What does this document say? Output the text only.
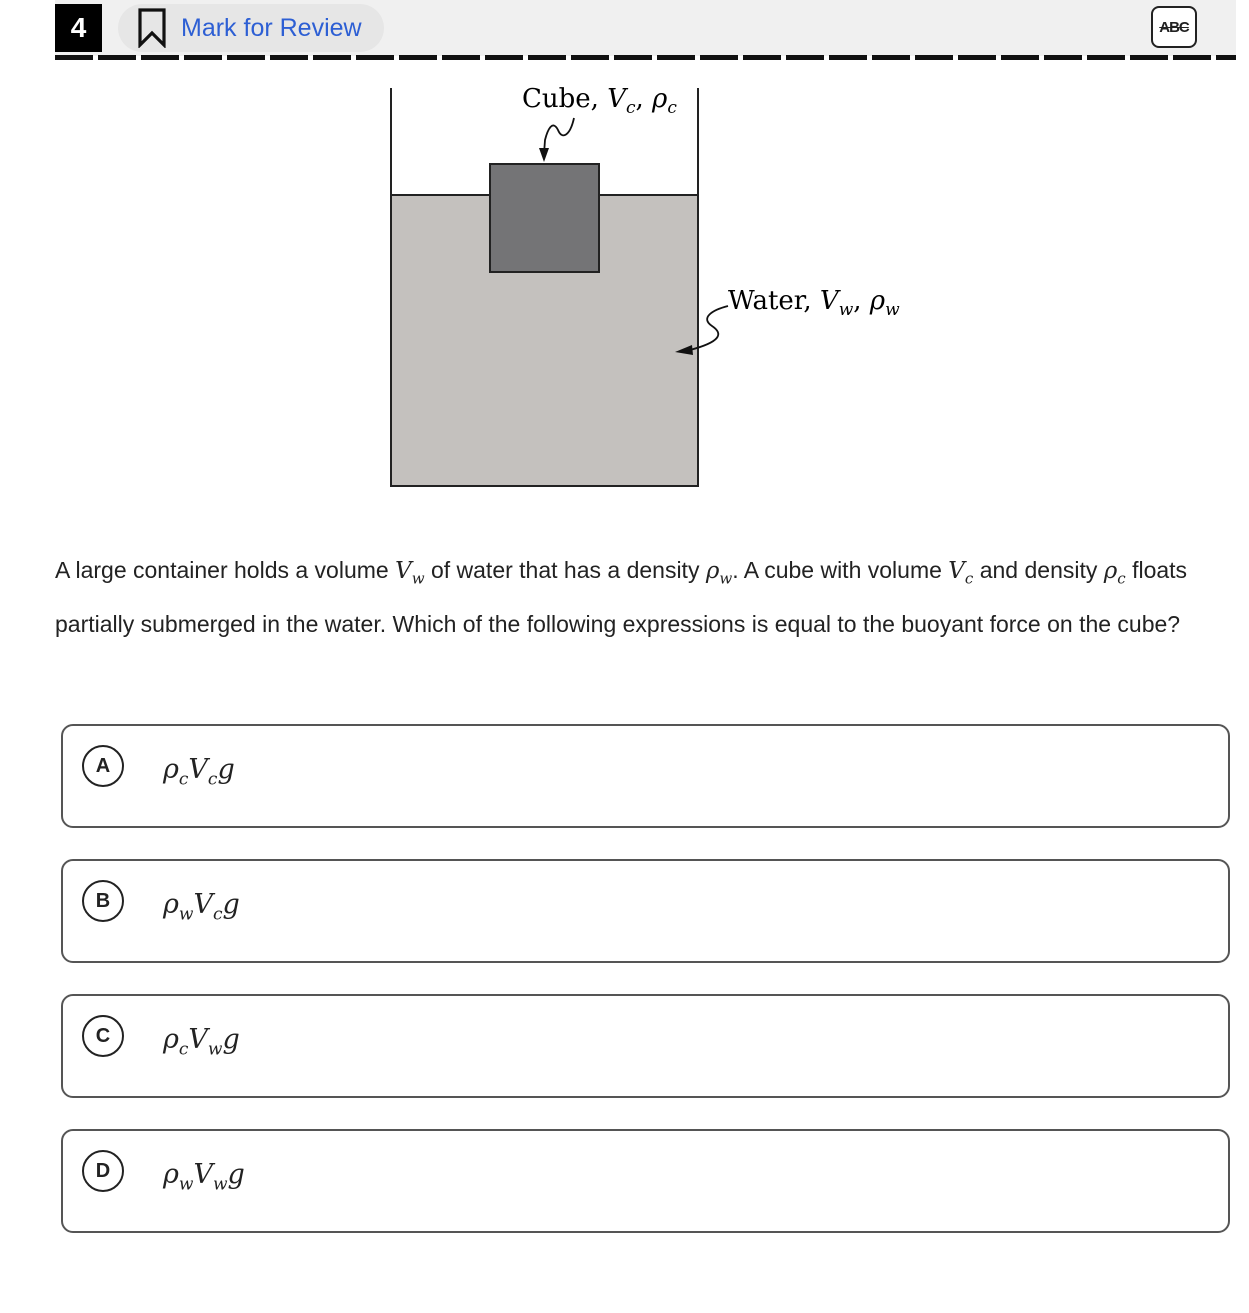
4	Mark for Review	ABC
Cube, $V_c$, $\rho_c$
Water, $V_w$, $\rho_w$
A large container holds a volume $V_w$ of water that has a density $\rho_w$. A cube with volume $V_c$ and density $\rho_c$ floats partially submerged in the water. Which of the following expressions is equal to the buoyant force on the cube?
A	$\rho_cV_cg$
B	$\rho_wV_cg$
C	$\rho_cV_wg$
D	$\rho_wV_wg$
